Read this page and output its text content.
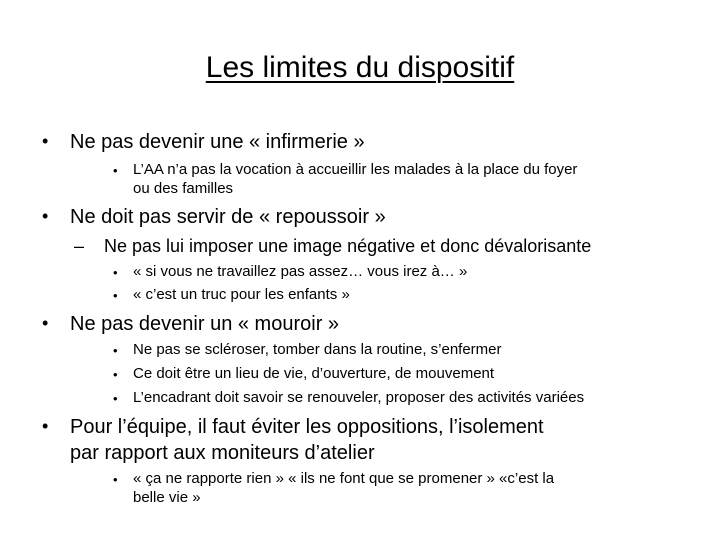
Les limites du dispositif
• Ne pas devenir une « infirmerie »
• L’AA n’a pas la vocation à accueillir les malades à la place du foyer
ou des familles
• Ne doit pas servir de « repoussoir »
– Ne pas lui imposer une image négative et donc dévalorisante
• « si vous ne travaillez pas assez… vous irez à… »
• « c’est un truc pour les enfants »
• Ne pas devenir un « mouroir »
• Ne pas se scléroser, tomber dans la routine, s’enfermer
• Ce doit être un lieu de vie, d’ouverture, de mouvement
• L’encadrant doit savoir se renouveler, proposer des activités variées
• Pour l’équipe, il faut éviter les oppositions, l’isolement
par rapport aux moniteurs d’atelier
• « ça ne rapporte rien » « ils ne font que se promener » «c’est la
belle vie »
